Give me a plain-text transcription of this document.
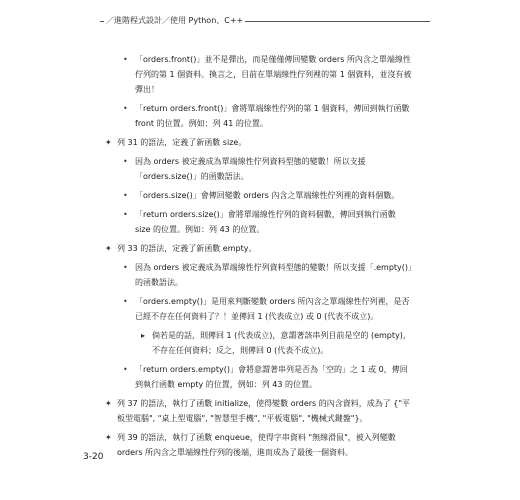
／進階程式設計／使用 Python、C++
• 「orders.front()」並不是彈出，而是僅僅傳回變數 orders 所內含之單端線性佇列的第 1 個資料。換言之，目前在單端線性佇列裡的第 1 個資料，並沒有被彈出！
• 「return orders.front()」會將單端線性佇列的第 1 個資料，傳回到執行函數 front 的位置。例如：列 41 的位置。
✦ 列 31 的語法，定義了新函數 size。
• 因為 orders 被定義成為單端線性佇列資料型態的變數！所以支援「orders.size()」的函數語法。
• 「orders.size()」會傳回變數 orders 內含之單端線性佇列裡的資料個數。
• 「return orders.size()」會將單端線性佇列的資料個數，傳回到執行函數 size 的位置。例如：列 43 的位置。
✦ 列 33 的語法，定義了新函數 empty。
• 因為 orders 被定義成為單端線性佇列資料型態的變數！所以支援「.empty()」的函數語法。
• 「orders.empty()」是用來判斷變數 orders 所內含之單端線性佇列裡，是否已經不存在任何資料了？！並傳回 1 (代表成立) 或 0 (代表不成立)。
▸ 倘若是的話，則傳回 1 (代表成立)，意謂著該串列目前是空的 (empty)，不存在任何資料；反之，則傳回 0 (代表不成立)。
• 「return orders.empty()」會將意謂著串列是否為「空的」之 1 或 0，傳回到執行函數 empty 的位置，例如：列 43 的位置。
✦ 列 37 的語法，執行了函數 initialize，使得變數 orders 的內含資料，成為了 {"平板型電腦", "桌上型電腦", "智慧型手機", "平板電腦", "機械式鍵盤"}。
✦ 列 39 的語法，執行了函數 enqueue，使得字串資料 "無線滑鼠"，被入列變數 orders 所內含之單端線性佇列的後端，進而成為了最後一個資料。
3-20
